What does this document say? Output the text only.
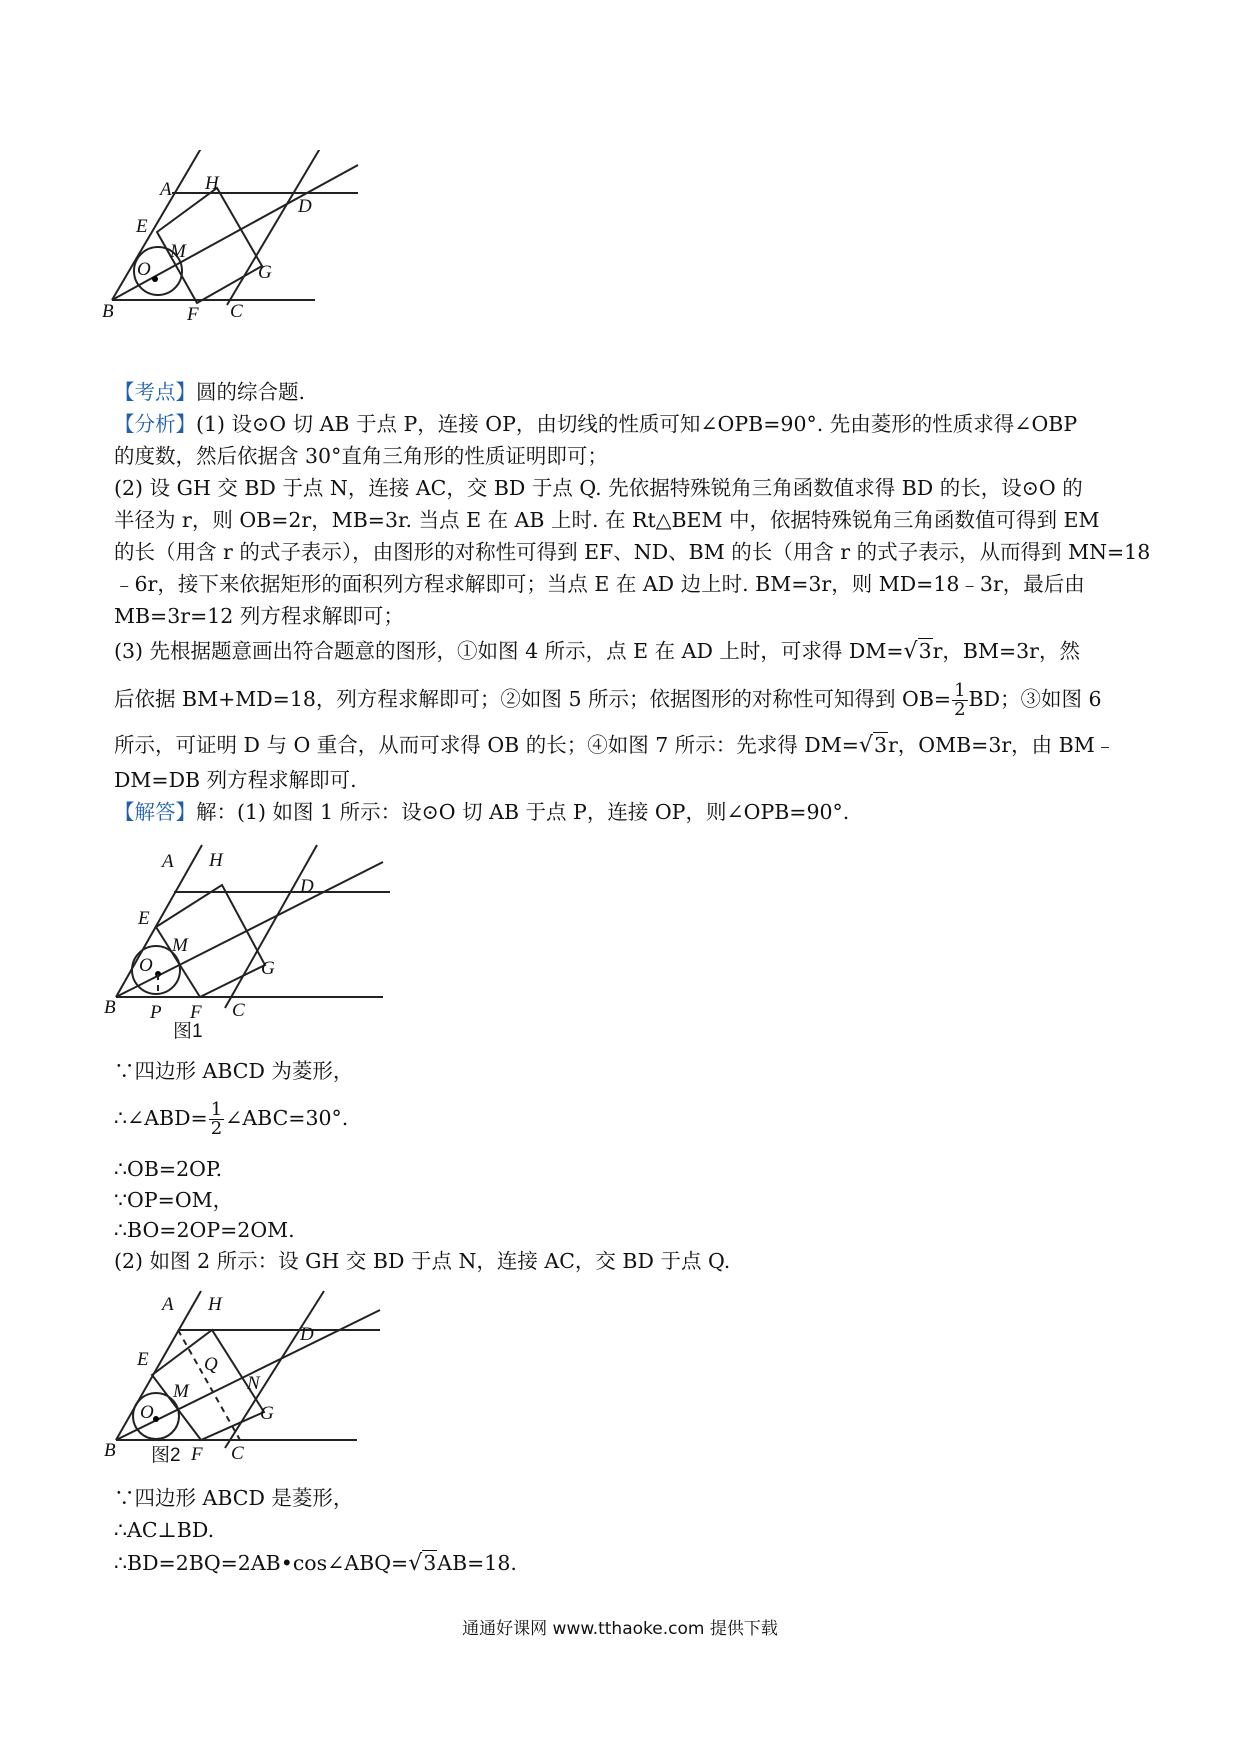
A H
D
E
M
O	G
B	F C
【考点】圆的综合题.
【分析】(1) 设⊙O 切 AB 于点 P，连接 OP，由切线的性质可知∠OPB=90°. 先由菱形的性质求得∠OBP
的度数，然后依据含 30°直角三角形的性质证明即可；
(2) 设 GH 交 BD 于点 N，连接 AC，交 BD 于点 Q. 先依据特殊锐角三角函数值求得 BD 的长，设⊙O 的
半径为 r，则 OB=2r，MB=3r. 当点 E 在 AB 上时. 在 Rt△BEM 中，依据特殊锐角三角函数值可得到 EM
的长（用含 r 的式子表示），由图形的对称性可得到 EF、ND、BM 的长（用含 r 的式子表示，从而得到 MN=18
﹣6r，接下来依据矩形的面积列方程求解即可；当点 E 在 AD 边上时. BM=3r，则 MD=18﹣3r，最后由
MB=3r=12 列方程求解即可；
(3) 先根据题意画出符合题意的图形，①如图 4 所示，点 E 在 AD 上时，可求得 DM=√3r，BM=3r，然
后依据 BM+MD=18，列方程求解即可；②如图 5 所示；依据图形的对称性可知得到 $OB= \frac{1}{2}$ BD；③如图 6
所示，可证明 D 与 O 重合，从而可求得 OB 的长；④如图 7 所示：先求得 DM=√3r，OMB=3r，由 BM﹣
DM=DB 列方程求解即可.
【解答】解：(1) 如图 1 所示：设⊙O 切 AB 于点 P，连接 OP，则∠OPB=90°.
A H
D
E
M
O	G
B P F C
图1
∵四边形 ABCD 为菱形，
∴∠ABD= $\frac{1}{2}$ ∠ABC=30°.
∴OB=2OP.
∵OP=OM，
∴BO=2OP=2OM.
(2) 如图 2 所示：设 GH 交 BD 于点 N，连接 AC，交 BD 于点 Q.
A H
D
E	Q
N
M
O	G
B 图2 F C
∵四边形 ABCD 是菱形，
∴AC⊥BD.
∴BD=2BQ=2AB•cos∠ABQ=√3AB=18.
通通好课网 www.tthaoke.com 提供下载
